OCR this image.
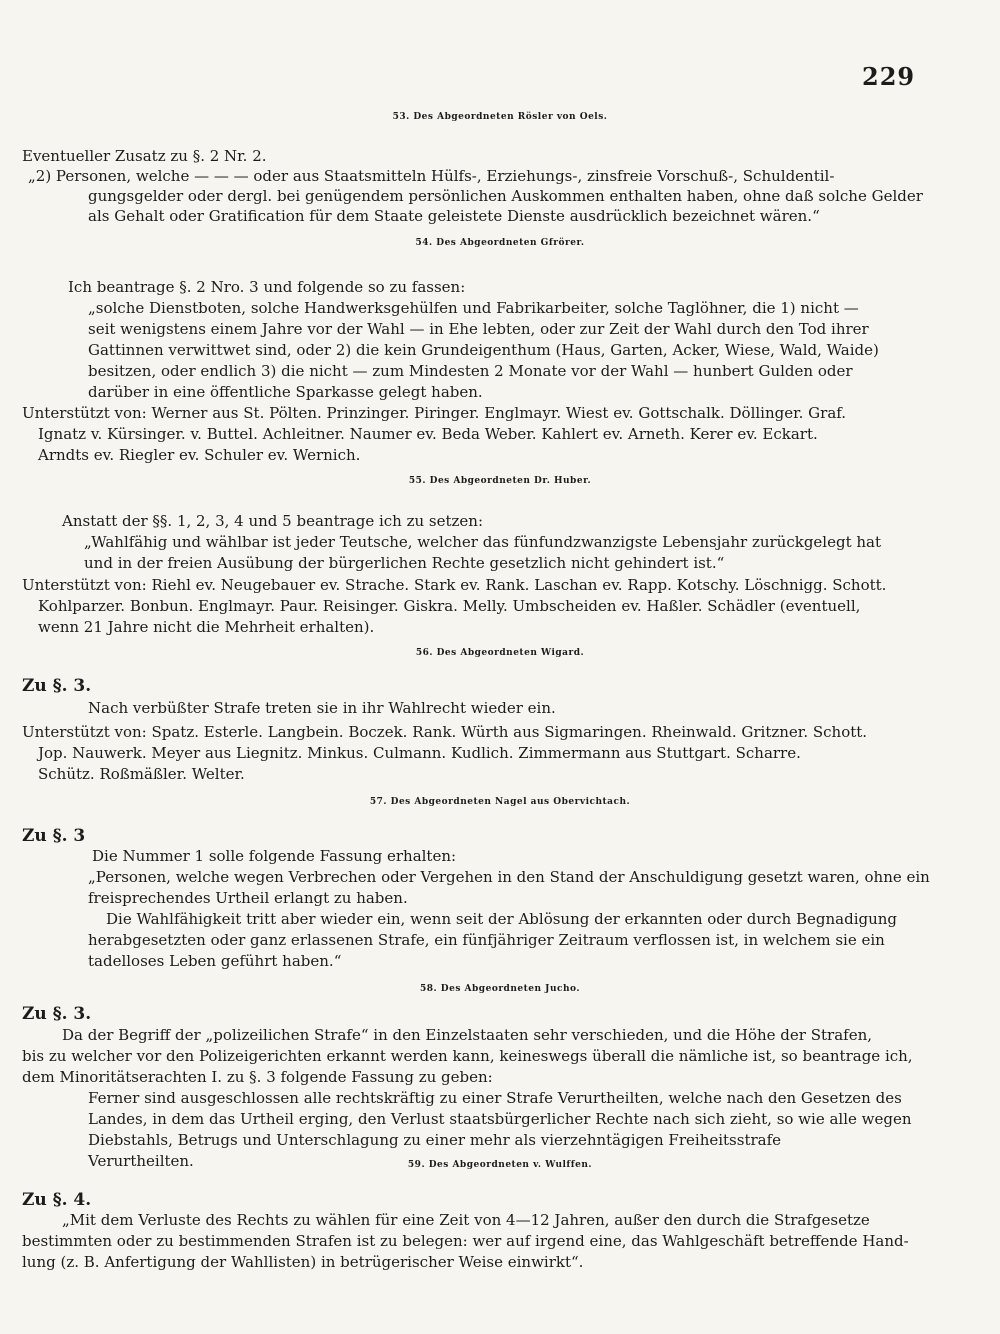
229
53. Des Abgeordneten Rösler von Oels.
Eventueller Zusatz zu §. 2 Nr. 2.
„2) Personen, welche — — — oder aus Staatsmitteln Hülfs-, Erziehungs-, zinsfreie Vorschuß-, Schuldentil-
gungsgelder oder dergl. bei genügendem persönlichen Auskommen enthalten haben, ohne daß solche Gelder
als Gehalt oder Gratification für dem Staate geleistete Dienste ausdrücklich bezeichnet wären.“
54. Des Abgeordneten Gfrörer.
Ich beantrage §. 2 Nro. 3 und folgende so zu fassen:
„solche Dienstboten, solche Handwerksgehülfen und Fabrikarbeiter, solche Taglöhner, die 1) nicht —
seit wenigstens einem Jahre vor der Wahl — in Ehe lebten, oder zur Zeit der Wahl durch den Tod ihrer
Gattinnen verwittwet sind, oder 2) die kein Grundeigenthum (Haus, Garten, Acker, Wiese, Wald, Waide)
besitzen, oder endlich 3) die nicht — zum Mindesten 2 Monate vor der Wahl — hunbert Gulden oder
darüber in eine öffentliche Sparkasse gelegt haben.
Unterstützt von: Werner aus St. Pölten. Prinzinger. Piringer. Englmayr. Wiest ev. Gottschalk. Döllinger. Graf.
Ignatz v. Kürsinger. v. Buttel. Achleitner. Naumer ev. Beda Weber. Kahlert ev. Arneth. Kerer ev. Eckart.
Arndts ev. Riegler ev. Schuler ev. Wernich.
55. Des Abgeordneten Dr. Huber.
Anstatt der §§. 1, 2, 3, 4 und 5 beantrage ich zu setzen:
„Wahlfähig und wählbar ist jeder Teutsche, welcher das fünfundzwanzigste Lebensjahr zurückgelegt hat
und in der freien Ausübung der bürgerlichen Rechte gesetzlich nicht gehindert ist.“
Unterstützt von: Riehl ev. Neugebauer ev. Strache. Stark ev. Rank. Laschan ev. Rapp. Kotschy. Löschnigg. Schott.
Kohlparzer. Bonbun. Englmayr. Paur. Reisinger. Giskra. Melly. Umbscheiden ev. Haßler. Schädler (eventuell,
wenn 21 Jahre nicht die Mehrheit erhalten).
56. Des Abgeordneten Wigard.
Zu §. 3.
Nach verbüßter Strafe treten sie in ihr Wahlrecht wieder ein.
Unterstützt von: Spatz. Esterle. Langbein. Boczek. Rank. Würth aus Sigmaringen. Rheinwald. Gritzner. Schott.
Jop. Nauwerk. Meyer aus Liegnitz. Minkus. Culmann. Kudlich. Zimmermann aus Stuttgart. Scharre.
Schütz. Roßmäßler. Welter.
57. Des Abgeordneten Nagel aus Obervichtach.
Zu §. 3
Die Nummer 1 solle folgende Fassung erhalten:
„Personen, welche wegen Verbrechen oder Vergehen in den Stand der Anschuldigung gesetzt waren, ohne ein
freisprechendes Urtheil erlangt zu haben.
Die Wahlfähigkeit tritt aber wieder ein, wenn seit der Ablösung der erkannten oder durch Begnadigung
herabgesetzten oder ganz erlassenen Strafe, ein fünfjähriger Zeitraum verflossen ist, in welchem sie ein
tadelloses Leben geführt haben.“
58. Des Abgeordneten Jucho.
Zu §. 3.
Da der Begriff der „polizeilichen Strafe“ in den Einzelstaaten sehr verschieden, und die Höhe der Strafen,
bis zu welcher vor den Polizeigerichten erkannt werden kann, keineswegs überall die nämliche ist, so beantrage ich,
dem Minoritätserachten I. zu §. 3 folgende Fassung zu geben:
Ferner sind ausgeschlossen alle rechtskräftig zu einer Strafe Verurtheilten, welche nach den Gesetzen des
Landes, in dem das Urtheil erging, den Verlust staatsbürgerlicher Rechte nach sich zieht, so wie alle wegen
Diebstahls, Betrugs und Unterschlagung zu einer mehr als vierzehntägigen Freiheitsstrafe
Verurtheilten.	59. Des Abgeordneten v. Wulffen.
Zu §. 4.
„Mit dem Verluste des Rechts zu wählen für eine Zeit von 4—12 Jahren, außer den durch die Strafgesetze
bestimmten oder zu bestimmenden Strafen ist zu belegen: wer auf irgend eine, das Wahlgeschäft betreffende Hand-
lung (z. B. Anfertigung der Wahllisten) in betrügerischer Weise einwirkt“.
